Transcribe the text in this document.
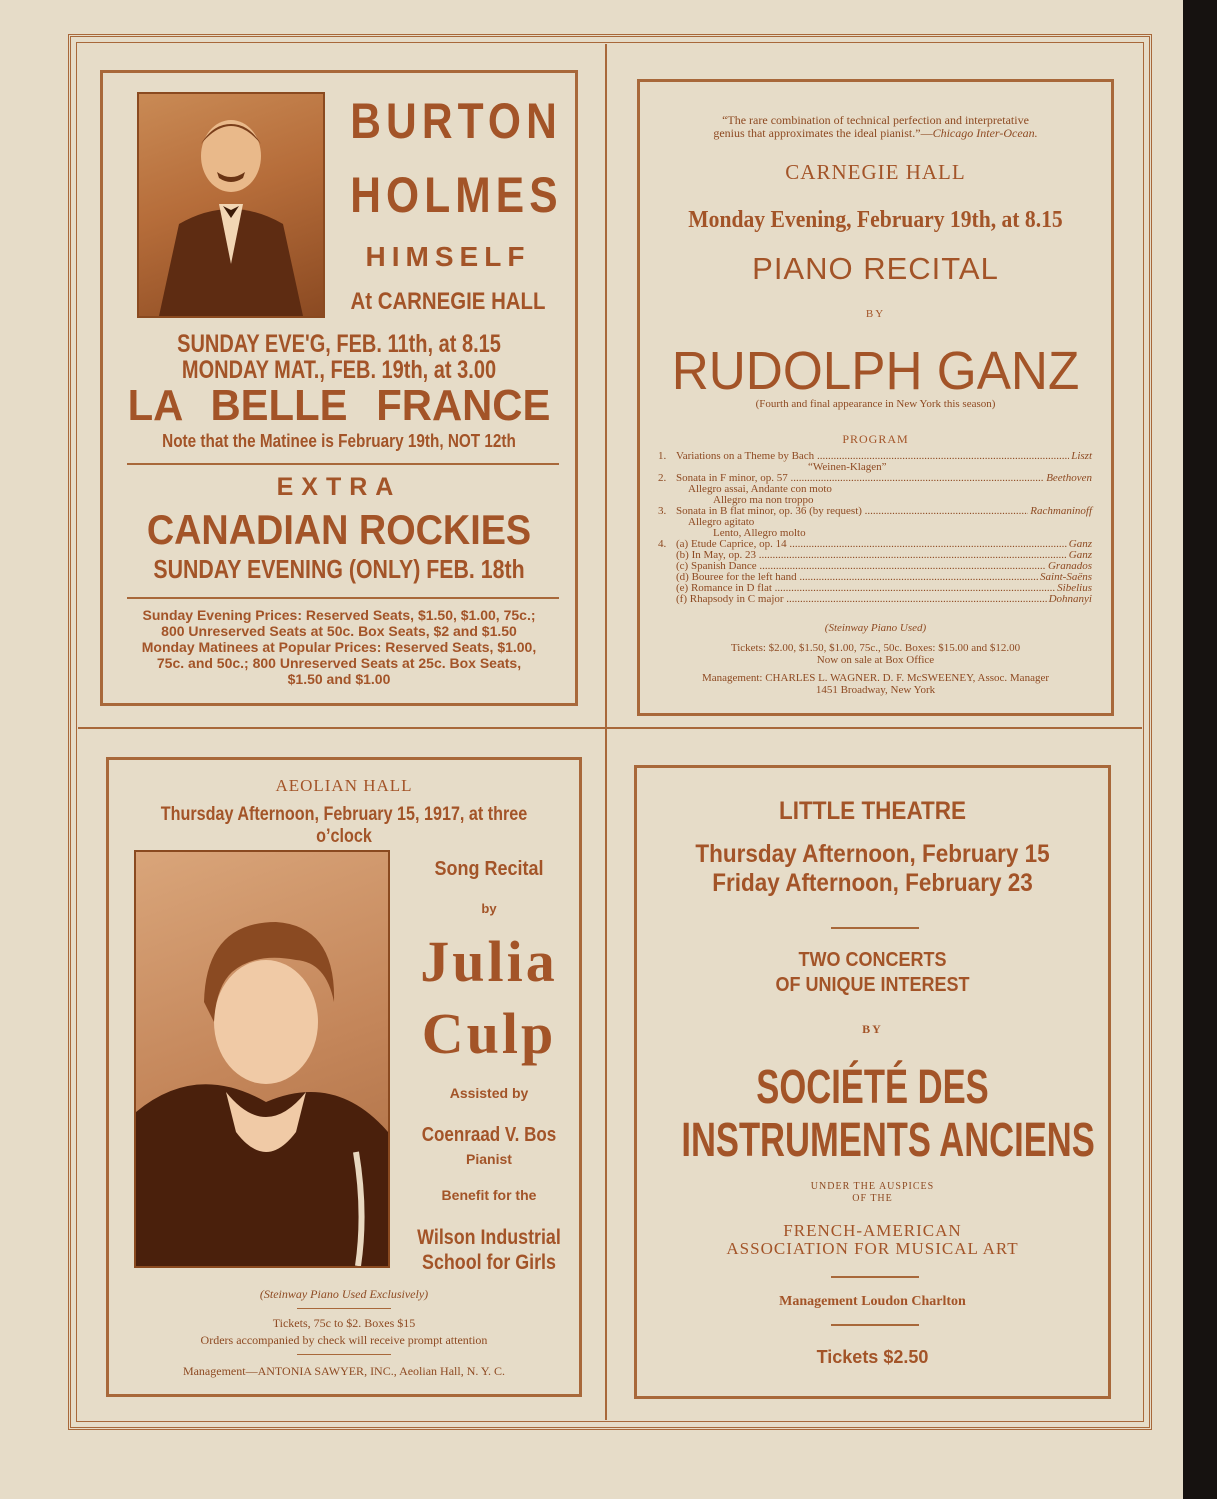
BURTON
HOLMES
HIMSELF
At CARNEGIE HALL
SUNDAY EVE'G, FEB. 11th, at 8.15
MONDAY MAT., FEB. 19th, at 3.00
LA BELLE FRANCE
Note that the Matinee is February 19th, NOT 12th
EXTRA
CANADIAN ROCKIES
SUNDAY EVENING (ONLY) FEB. 18th
Sunday Evening Prices: Reserved Seats, $1.50, $1.00, 75c.;
800 Unreserved Seats at 50c. Box Seats, $2 and $1.50
Monday Matinees at Popular Prices: Reserved Seats, $1.00,
75c. and 50c.; 800 Unreserved Seats at 25c. Box Seats,
$1.50 and $1.00
“The rare combination of technical perfection and interpretative
genius that approximates the ideal pianist.”—Chicago Inter-Ocean.
CARNEGIE HALL
Monday Evening, February 19th, at 8.15
PIANO RECITAL
BY
RUDOLPH GANZ
(Fourth and final appearance in New York this season)
PROGRAM
1. Variations on a Theme by Bach .....	Liszt
“Weinen-Klagen”
2. Sonata in F minor, op. 57 .....	Beethoven
Allegro assai, Andante con moto
Allegro ma non troppo
3. Sonata in B flat minor, op. 36 (by request) .....	Rachmaninoff
Allegro agitato
Lento, Allegro molto
4. (a) Etude Caprice, op. 14 .....	Ganz
(b) In May, op. 23 .....	Ganz
(c) Spanish Dance .....	Granados
(d) Bouree for the left hand .....	Saint-Saëns
(e) Romance in D flat .....	Sibelius
(f) Rhapsody in C major .....	Dohnanyi
(Steinway Piano Used)
Tickets: $2.00, $1.50, $1.00, 75c., 50c. Boxes: $15.00 and $12.00
Now on sale at Box Office
Management: CHARLES L. WAGNER. D. F. McSWEENEY, Assoc. Manager
1451 Broadway, New York
AEOLIAN HALL
Thursday Afternoon, February 15, 1917, at three o’clock
Song Recital
by
Julia
Culp
Assisted by
Coenraad V. Bos
Pianist
Benefit for the
Wilson Industrial
School for Girls
(Steinway Piano Used Exclusively)
Tickets, 75c to $2. Boxes $15
Orders accompanied by check will receive prompt attention
Management—ANTONIA SAWYER, INC., Aeolian Hall, N. Y. C.
LITTLE THEATRE
Thursday Afternoon, February 15
Friday Afternoon, February 23
TWO CONCERTS
OF UNIQUE INTEREST
BY
SOCIÉTÉ DES
INSTRUMENTS ANCIENS
UNDER THE AUSPICES
OF THE
FRENCH-AMERICAN
ASSOCIATION FOR MUSICAL ART
Management Loudon Charlton
Tickets $2.50
